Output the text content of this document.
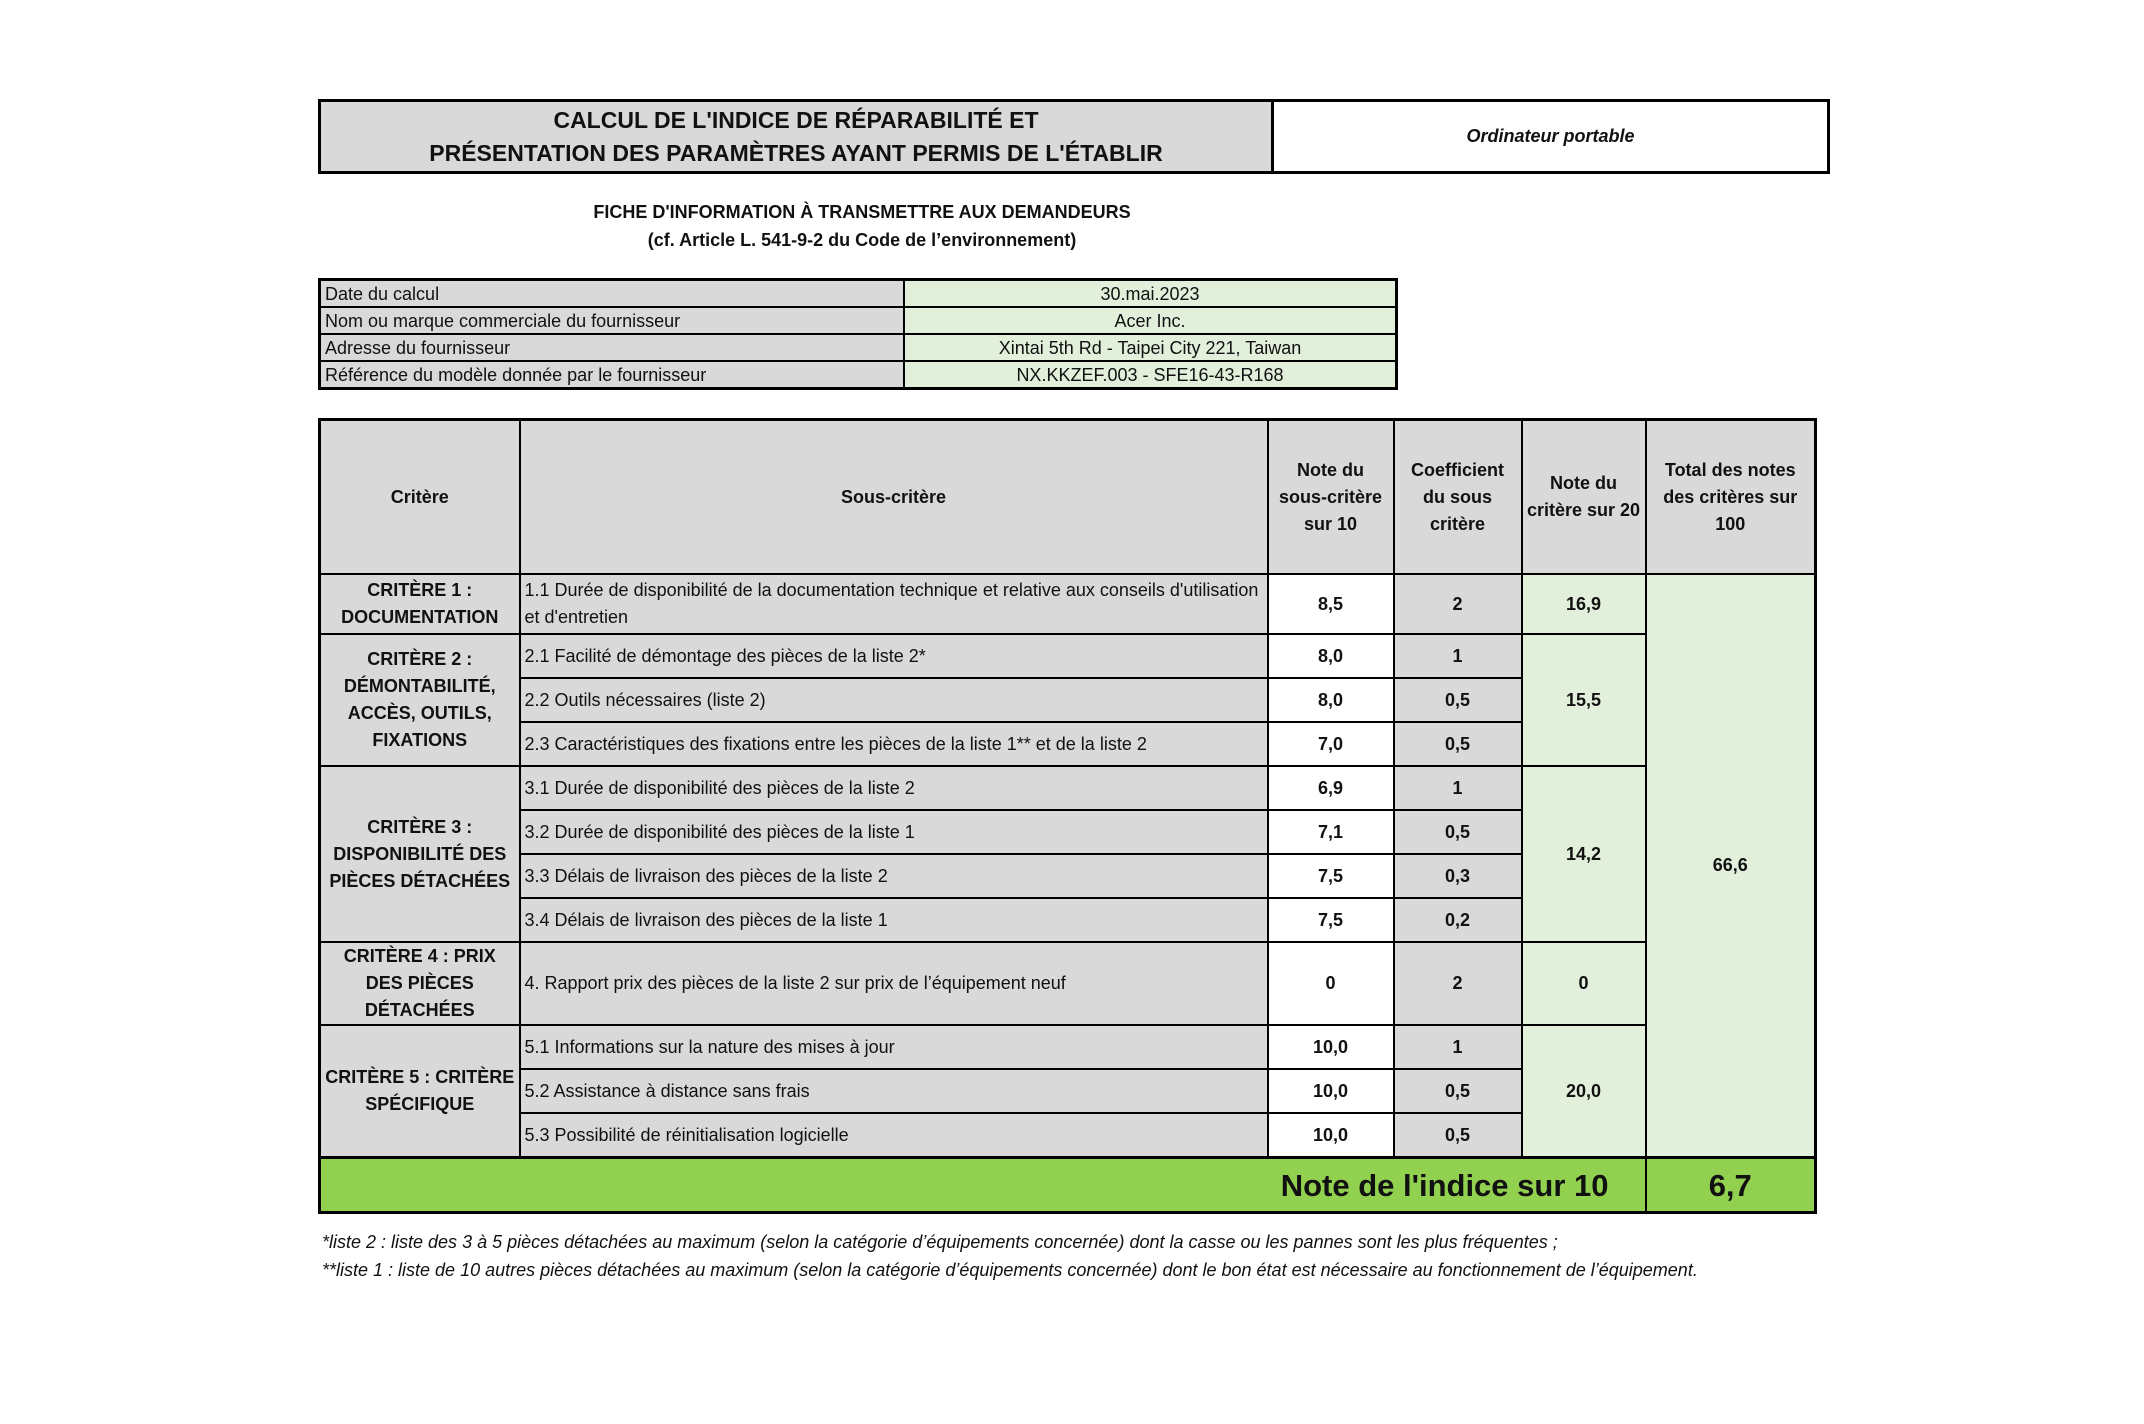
CALCUL DE L'INDICE DE RÉPARABILITÉ ET
PRÉSENTATION DES PARAMÈTRES AYANT PERMIS DE L'ÉTABLIR
Ordinateur portable
FICHE D'INFORMATION À TRANSMETTRE AUX DEMANDEURS
(cf. Article L. 541-9-2 du Code de l’environnement)
Date du calcul	30.mai.2023
Nom ou marque commerciale du fournisseur	Acer Inc.
Adresse du fournisseur	Xintai 5th Rd - Taipei City 221, Taiwan
Référence du modèle donnée par le fournisseur	NX.KKZEF.003 - SFE16-43-R168
Critère	Sous-critère	Note du sous-critère sur 10	Coefficient du sous critère	Note du critère sur 20	Total des notes des critères sur 100
CRITÈRE 1 : DOCUMENTATION	1.1 Durée de disponibilité de la documentation technique et relative aux conseils d'utilisation et d'entretien	8,5	2	16,9	66,6
CRITÈRE 2 : DÉMONTABILITÉ, ACCÈS, OUTILS, FIXATIONS	2.1 Facilité de démontage des pièces de la liste 2*	8,0	1	15,5	
	2.2 Outils nécessaires (liste 2)	8,0	0,5		
	2.3 Caractéristiques des fixations entre les pièces de la liste 1** et de la liste 2	7,0	0,5		
CRITÈRE 3 : DISPONIBILITÉ DES PIÈCES DÉTACHÉES	3.1 Durée de disponibilité des pièces de la liste 2	6,9	1	14,2	
	3.2 Durée de disponibilité des pièces de la liste 1	7,1	0,5		
	3.3 Délais de livraison des pièces de la liste 2	7,5	0,3		
	3.4 Délais de livraison des pièces de la liste 1	7,5	0,2		
CRITÈRE 4 : PRIX DES PIÈCES DÉTACHÉES	4. Rapport prix des pièces de la liste 2 sur prix de l’équipement neuf	0	2	0	
CRITÈRE 5 : CRITÈRE SPÉCIFIQUE	5.1 Informations sur la nature des mises à jour	10,0	1	20,0	
	5.2 Assistance à distance sans frais	10,0	0,5		
	5.3 Possibilité de réinitialisation logicielle	10,0	0,5		
Note de l'indice sur 10					6,7
*liste 2 : liste des 3 à 5 pièces détachées au maximum (selon la catégorie d’équipements concernée) dont la casse ou les pannes sont les plus fréquentes ;
**liste 1 : liste de 10 autres pièces détachées au maximum (selon la catégorie d’équipements concernée) dont le bon état est nécessaire au fonctionnement de l’équipement.
